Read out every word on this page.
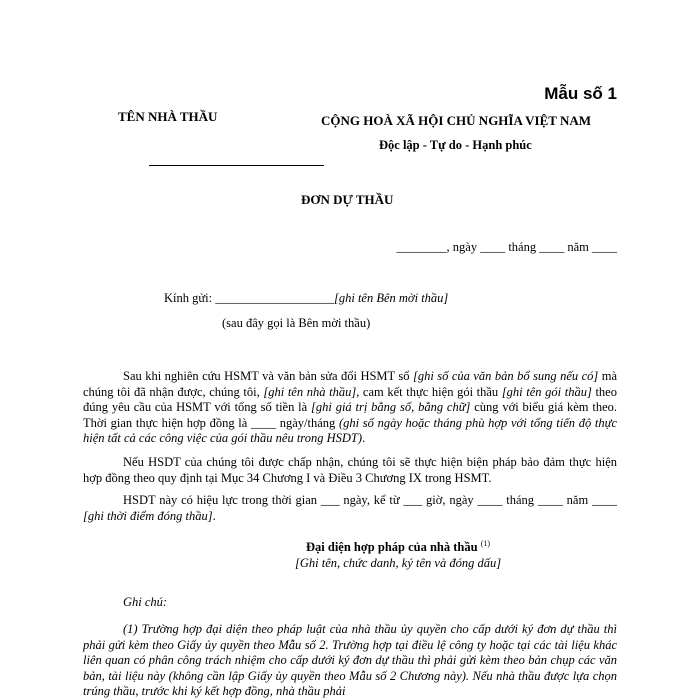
Mẫu số 1
TÊN NHÀ THẦU	CỘNG HOÀ XÃ HỘI CHỦ NGHĨA VIỆT NAM
Độc lập - Tự do - Hạnh phúc
ĐƠN DỰ THẦU
________, ngày ____ tháng ____ năm ____
Kính gửi: ___________________[ghi tên Bên mời thầu]
(sau đây gọi là Bên mời thầu)
Sau khi nghiên cứu HSMT và văn bản sửa đổi HSMT số [ghi số của văn bản bổ sung nếu có] mà chúng tôi đã nhận được, chúng tôi, [ghi tên nhà thầu], cam kết thực hiện gói thầu [ghi tên gói thầu] theo đúng yêu cầu của HSMT với tổng số tiền là [ghi giá trị bằng số, bằng chữ] cùng với biểu giá kèm theo. Thời gian thực hiện hợp đồng là ____ ngày/tháng (ghi số ngày hoặc tháng phù hợp với tổng tiến độ thực hiện tất cả các công việc của gói thầu nêu trong HSDT).
Nếu HSDT của chúng tôi được chấp nhận, chúng tôi sẽ thực hiện biện pháp bảo đảm thực hiện hợp đồng theo quy định tại Mục 34 Chương I và Điều 3 Chương IX trong HSMT.
HSDT này có hiệu lực trong thời gian ___ ngày, kể từ ___ giờ, ngày ____ tháng ____ năm ____ [ghi thời điểm đóng thầu].
Đại diện hợp pháp của nhà thầu $^{(1)}$
[Ghi tên, chức danh, ký tên và đóng dấu]
Ghi chú:
(1) Trường hợp đại diện theo pháp luật của nhà thầu ủy quyền cho cấp dưới ký đơn dự thầu thì phải gửi kèm theo Giấy ủy quyền theo Mẫu số 2. Trường hợp tại điều lệ công ty hoặc tại các tài liệu khác liên quan có phân công trách nhiệm cho cấp dưới ký đơn dự thầu thì phải gửi kèm theo bản chụp các văn bản, tài liệu này (không cần lập Giấy ủy quyền theo Mẫu số 2 Chương này). Nếu nhà thầu được lựa chọn trúng thầu, trước khi ký kết hợp đồng, nhà thầu phải
